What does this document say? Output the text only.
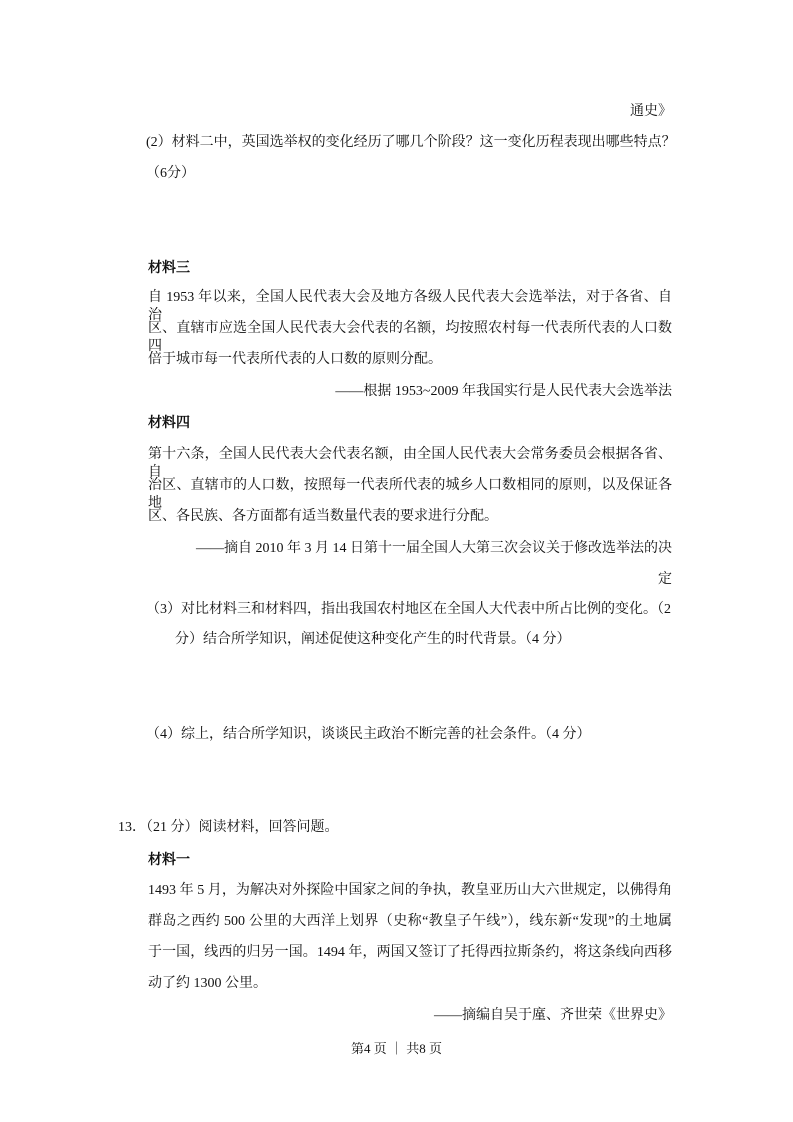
通史》
(2）材料二中，英国选举权的变化经历了哪几个阶段？这一变化历程表现出哪些特点？
（6分）
材料三
自 1953 年以来，全国人民代表大会及地方各级人民代表大会选举法，对于各省、自治
区、直辖市应选全国人民代表大会代表的名额，均按照农村每一代表所代表的人口数四
倍于城市每一代表所代表的人口数的原则分配。
——根据 1953~2009 年我国实行是人民代表大会选举法
材料四
第十六条，全国人民代表大会代表名额，由全国人民代表大会常务委员会根据各省、自
治区、直辖市的人口数，按照每一代表所代表的城乡人口数相同的原则，以及保证各地
区、各民族、各方面都有适当数量代表的要求进行分配。
——摘自 2010 年 3 月 14 日第十一届全国人大第三次会议关于修改选举法的决
定
（3）对比材料三和材料四，指出我国农村地区在全国人大代表中所占比例的变化。（2
分）结合所学知识，阐述促使这种变化产生的时代背景。（4 分）
（4）综上，结合所学知识，谈谈民主政治不断完善的社会条件。（4 分）
13．（21 分）阅读材料，回答问题。
材料一
1493 年 5 月，为解决对外探险中国家之间的争执，教皇亚历山大六世规定，以佛得角
群岛之西约 500 公里的大西洋上划界（史称“教皇子午线”），线东新“发现”的土地属
于一国，线西的归另一国。1494 年，两国又签订了托得西拉斯条约，将这条线向西移
动了约 1300 公里。
——摘编自吴于廑、齐世荣《世界史》
第4 页 ｜ 共8 页
